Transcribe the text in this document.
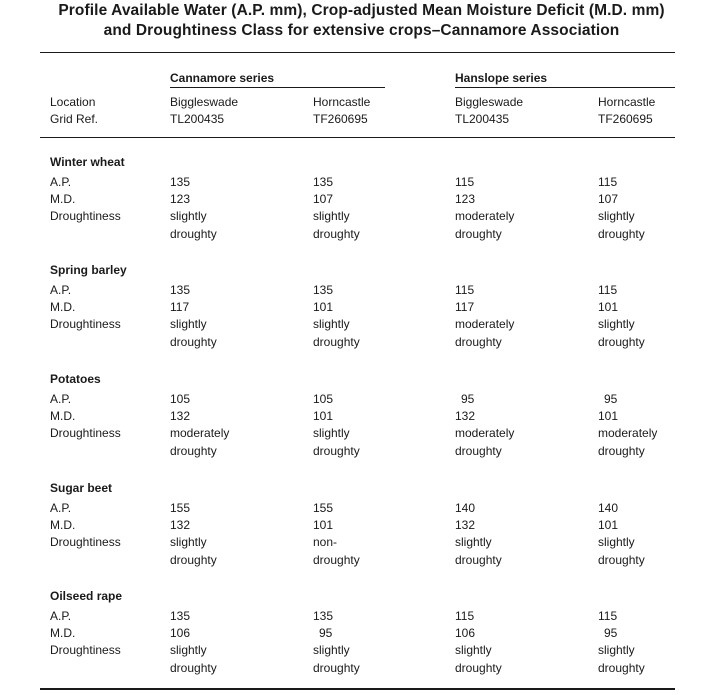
Profile Available Water (A.P. mm), Crop-adjusted Mean Moisture Deficit (M.D. mm)
and Droughtiness Class for extensive crops–Cannamore Association
Cannamore series	Hanslope series
Location
Grid Ref.
Biggleswade
TL200435
Horncastle
TF260695
Biggleswade
TL200435
Horncastle
TF260695
Winter wheat
A.P.
M.D.
Droughtiness
135
123
slightly
droughty
135
107
slightly
droughty
115
123
moderately
droughty
115
107
slightly
droughty
Spring barley
A.P.
M.D.
Droughtiness
135
117
slightly
droughty
135
101
slightly
droughty
115
117
moderately
droughty
115
101
slightly
droughty
Potatoes
A.P.
M.D.
Droughtiness
105
132
moderately
droughty
105
101
slightly
droughty
95
132
moderately
droughty
95
101
moderately
droughty
Sugar beet
A.P.
M.D.
Droughtiness
155
132
slightly
droughty
155
101
non-
droughty
140
132
slightly
droughty
140
101
slightly
droughty
Oilseed rape
A.P.
M.D.
Droughtiness
135
106
slightly
droughty
135
95
slightly
droughty
115
106
slightly
droughty
115
95
slightly
droughty
